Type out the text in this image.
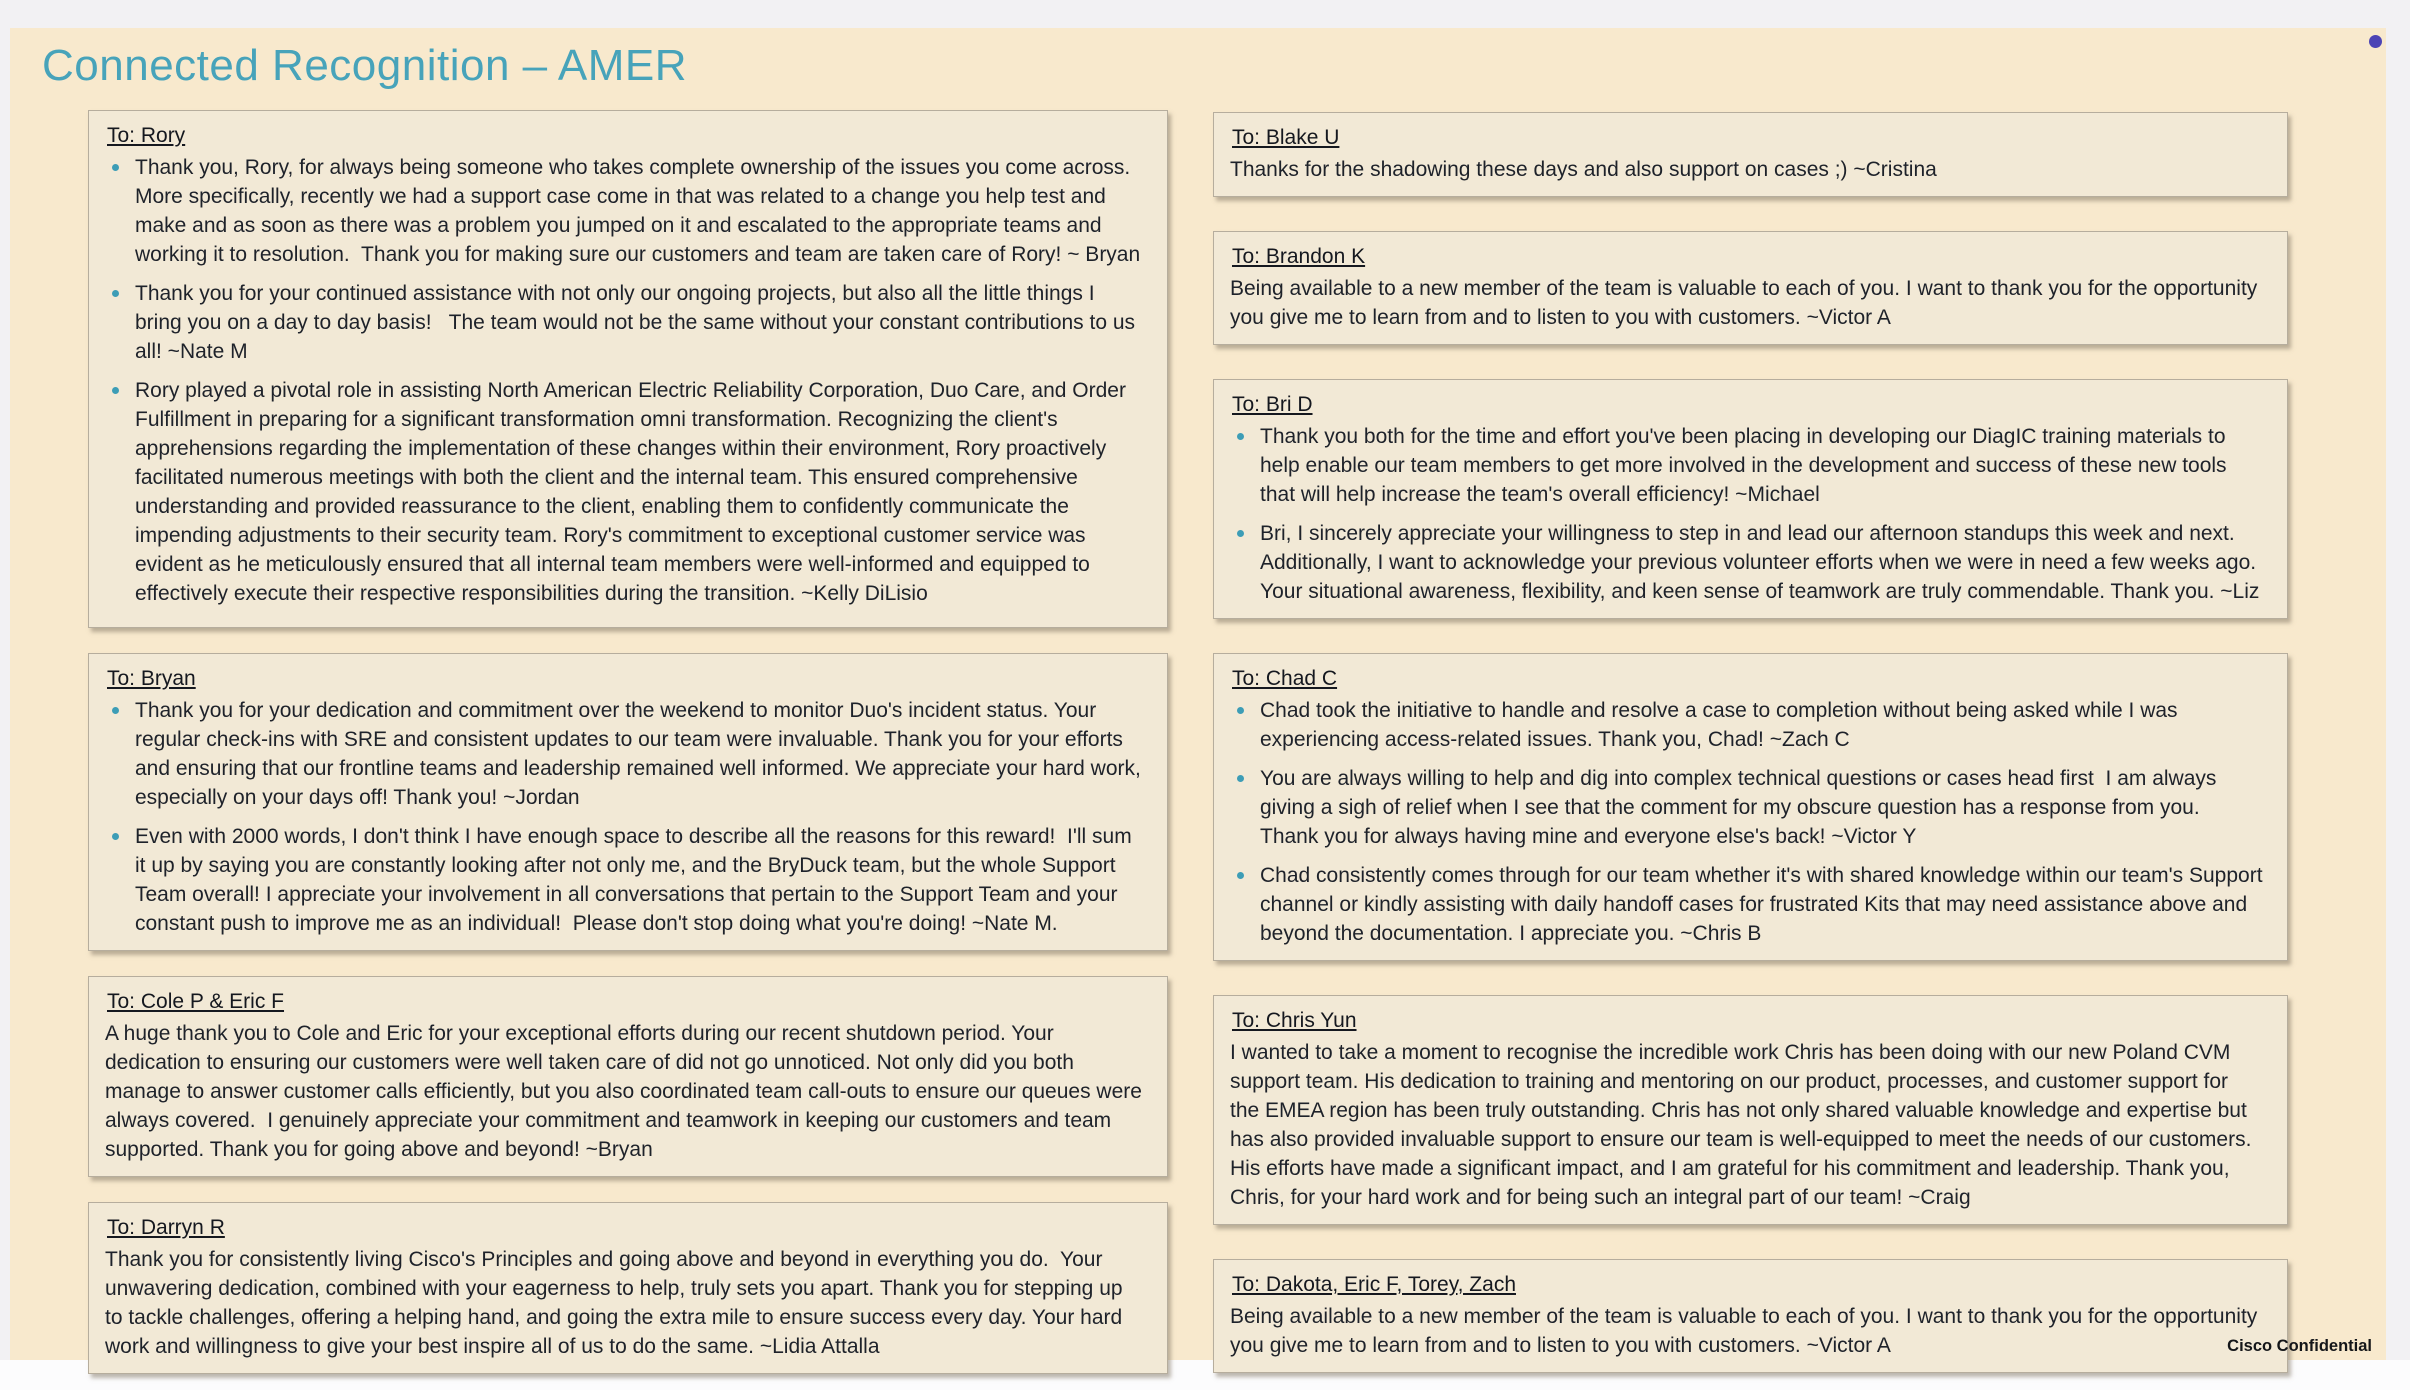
Connected Recognition – AMER
To: Rory
Thank you, Rory, for always being someone who takes complete ownership of the issues you come across. More specifically, recently we had a support case come in that was related to a change you help test and make and as soon as there was a problem you jumped on it and escalated to the appropriate teams and working it to resolution.  Thank you for making sure our customers and team are taken care of Rory! ~ Bryan
Thank you for your continued assistance with not only our ongoing projects, but also all the little things I bring you on a day to day basis!   The team would not be the same without your constant contributions to us all! ~Nate M
Rory played a pivotal role in assisting North American Electric Reliability Corporation, Duo Care, and Order Fulfillment in preparing for a significant transformation omni transformation. Recognizing the client's apprehensions regarding the implementation of these changes within their environment, Rory proactively facilitated numerous meetings with both the client and the internal team. This ensured comprehensive understanding and provided reassurance to the client, enabling them to confidently communicate the impending adjustments to their security team. Rory's commitment to exceptional customer service was evident as he meticulously ensured that all internal team members were well-informed and equipped to effectively execute their respective responsibilities during the transition. ~Kelly DiLisio
To: Bryan
Thank you for your dedication and commitment over the weekend to monitor Duo's incident status. Your regular check-ins with SRE and consistent updates to our team were invaluable. Thank you for your efforts and ensuring that our frontline teams and leadership remained well informed. We appreciate your hard work, especially on your days off! Thank you! ~Jordan
Even with 2000 words, I don't think I have enough space to describe all the reasons for this reward!  I'll sum it up by saying you are constantly looking after not only me, and the BryDuck team, but the whole Support Team overall! I appreciate your involvement in all conversations that pertain to the Support Team and your constant push to improve me as an individual!  Please don't stop doing what you're doing! ~Nate M.
To: Cole P & Eric F
A huge thank you to Cole and Eric for your exceptional efforts during our recent shutdown period. Your dedication to ensuring our customers were well taken care of did not go unnoticed. Not only did you both manage to answer customer calls efficiently, but you also coordinated team call-outs to ensure our queues were always covered.  I genuinely appreciate your commitment and teamwork in keeping our customers and team supported. Thank you for going above and beyond! ~Bryan
To: Darryn R
Thank you for consistently living Cisco's Principles and going above and beyond in everything you do.  Your unwavering dedication, combined with your eagerness to help, truly sets you apart. Thank you for stepping up to tackle challenges, offering a helping hand, and going the extra mile to ensure success every day. Your hard work and willingness to give your best inspire all of us to do the same. ~Lidia Attalla
To: Blake U
Thanks for the shadowing these days and also support on cases ;) ~Cristina
To: Brandon K
Being available to a new member of the team is valuable to each of you. I want to thank you for the opportunity you give me to learn from and to listen to you with customers. ~Victor A
To: Bri D
Thank you both for the time and effort you've been placing in developing our DiagIC training materials to help enable our team members to get more involved in the development and success of these new tools that will help increase the team's overall efficiency! ~Michael
Bri, I sincerely appreciate your willingness to step in and lead our afternoon standups this week and next. Additionally, I want to acknowledge your previous volunteer efforts when we were in need a few weeks ago. Your situational awareness, flexibility, and keen sense of teamwork are truly commendable. Thank you. ~Liz
To: Chad C
Chad took the initiative to handle and resolve a case to completion without being asked while I was experiencing access-related issues. Thank you, Chad! ~Zach C
You are always willing to help and dig into complex technical questions or cases head first  I am always giving a sigh of relief when I see that the comment for my obscure question has a response from you.  Thank you for always having mine and everyone else's back! ~Victor Y
Chad consistently comes through for our team whether it's with shared knowledge within our team's Support channel or kindly assisting with daily handoff cases for frustrated Kits that may need assistance above and beyond the documentation. I appreciate you. ~Chris B
To: Chris Yun
I wanted to take a moment to recognise the incredible work Chris has been doing with our new Poland CVM support team. His dedication to training and mentoring on our product, processes, and customer support for the EMEA region has been truly outstanding. Chris has not only shared valuable knowledge and expertise but has also provided invaluable support to ensure our team is well-equipped to meet the needs of our customers. His efforts have made a significant impact, and I am grateful for his commitment and leadership. Thank you, Chris, for your hard work and for being such an integral part of our team! ~Craig
To: Dakota, Eric F, Torey, Zach
Being available to a new member of the team is valuable to each of you. I want to thank you for the opportunity you give me to learn from and to listen to you with customers. ~Victor A	Cisco Confidential
